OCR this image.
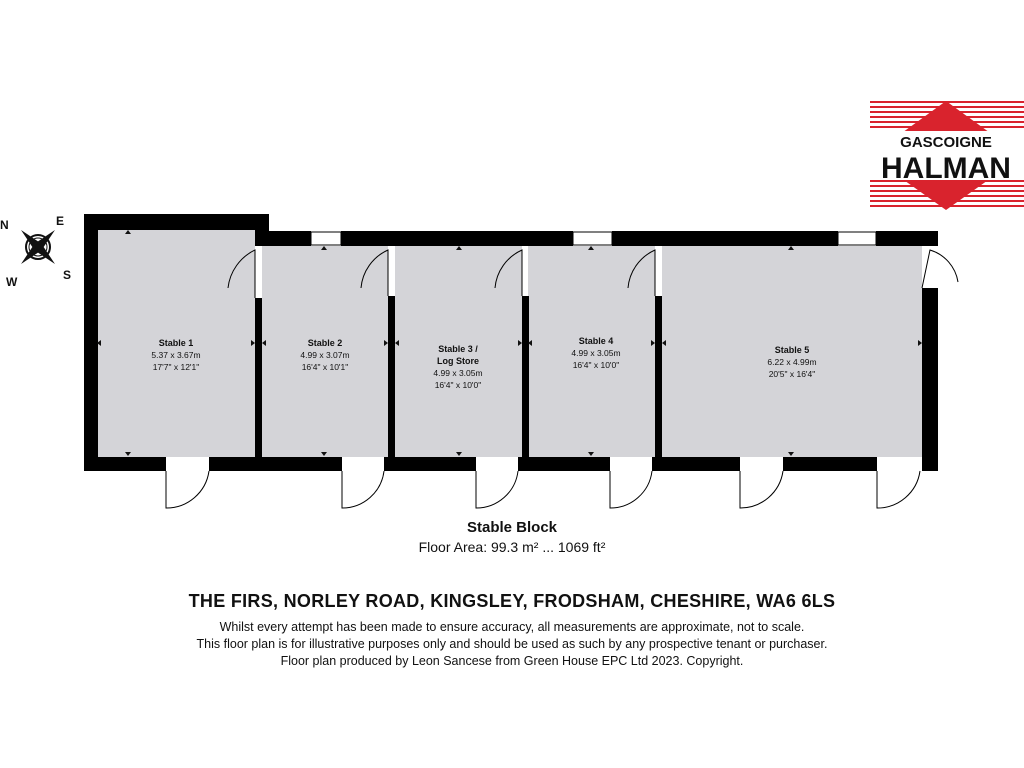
Stable 1
5.37 x 3.67m
17'7" x 12'1"
Stable 2
4.99 x 3.07m
16'4" x 10'1"
Stable 3 /
Log Store
4.99 x 3.05m
16'4" x 10'0"
Stable 4
4.99 x 3.05m
16'4" x 10'0"
Stable 5
6.22 x 4.99m
20'5" x 16'4"
N	E
S
W
GASCOIGNE
HALMAN
Stable Block
Floor Area: 99.3 m² ... 1069 ft²
THE FIRS, NORLEY ROAD, KINGSLEY, FRODSHAM, CHESHIRE, WA6 6LS
Whilst every attempt has been made to ensure accuracy, all measurements are approximate, not to scale.
This floor plan is for illustrative purposes only and should be used as such by any prospective tenant or purchaser.
Floor plan produced by Leon Sancese from Green House EPC Ltd 2023. Copyright.
